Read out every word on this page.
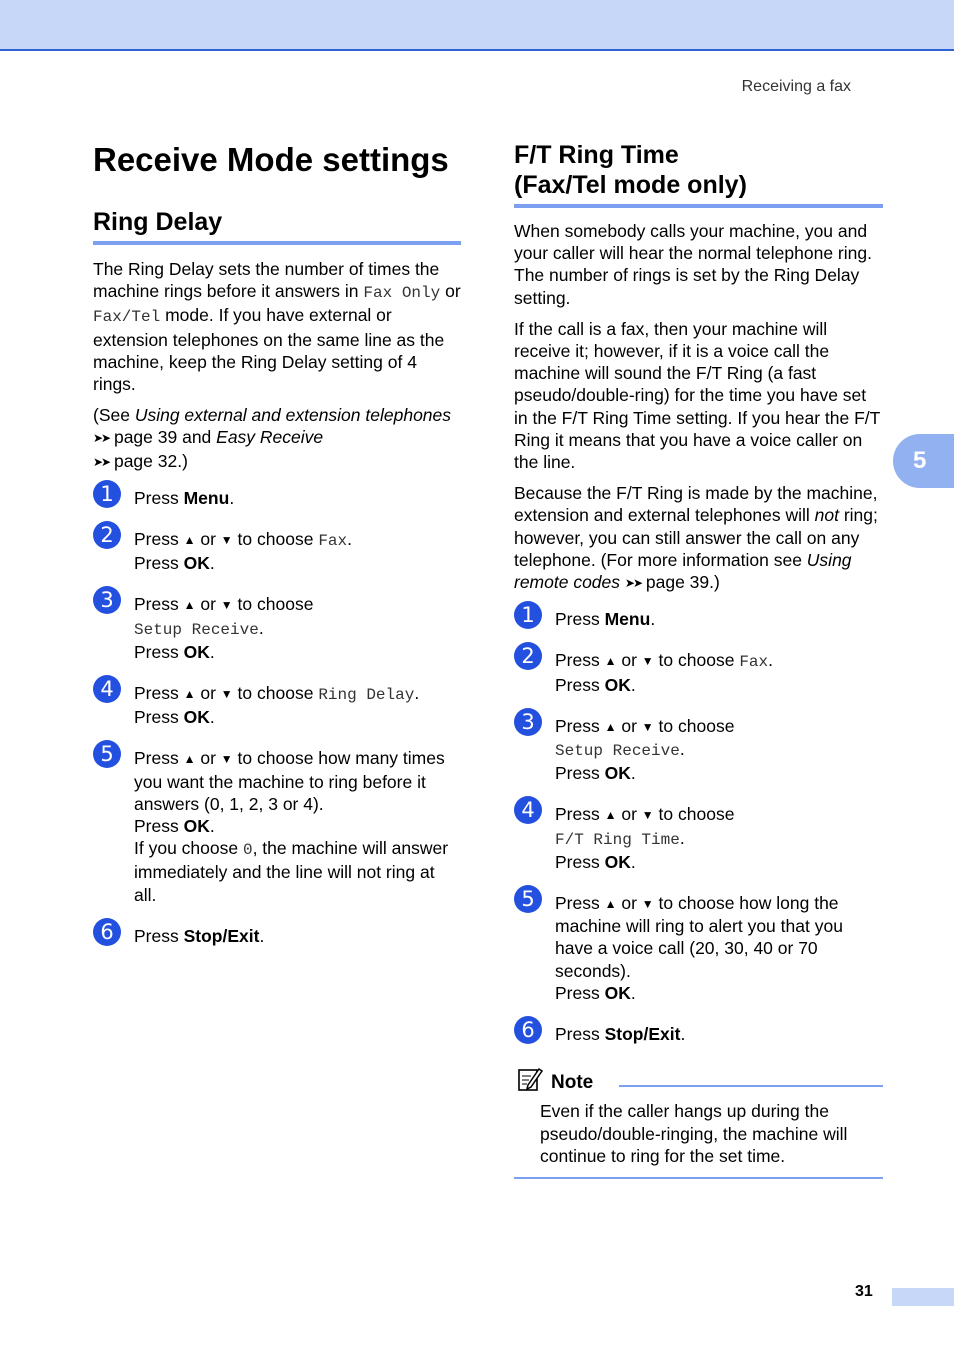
Receiving a fax
5
Receive Mode settings
Ring Delay

The Ring Delay sets the number of times the machine rings before it answers in Fax Only or Fax/Tel mode. If you have external or extension telephones on the same line as the machine, keep the Ring Delay setting of 4 rings.

(See Using external and extension telephones ➤➤ page 39 and Easy Receive
➤➤ page 32.)

1	Press Menu.
2	Press ▲ or ▼ to choose Fax.
Press OK.
3	Press ▲ or ▼ to choose
Setup Receive.
Press OK.
4	Press ▲ or ▼ to choose Ring Delay.
Press OK.
5	Press ▲ or ▼ to choose how many times you want the machine to ring before it answers (0, 1, 2, 3 or 4).
Press OK.
If you choose 0, the machine will answer immediately and the line will not ring at all.
6	Press Stop/Exit.
F/T Ring Time
(Fax/Tel mode only)

When somebody calls your machine, you and your caller will hear the normal telephone ring. The number of rings is set by the Ring Delay setting.

If the call is a fax, then your machine will receive it; however, if it is a voice call the machine will sound the F/T Ring (a fast pseudo/double-ring) for the time you have set in the F/T Ring Time setting. If you hear the F/T Ring it means that you have a voice caller on the line.

Because the F/T Ring is made by the machine, extension and external telephones will not ring; however, you can still answer the call on any telephone. (For more information see Using remote codes ➤➤ page 39.)

1	Press Menu.
2	Press ▲ or ▼ to choose Fax.
Press OK.
3	Press ▲ or ▼ to choose
Setup Receive.
Press OK.
4	Press ▲ or ▼ to choose
F/T Ring Time.
Press OK.
5	Press ▲ or ▼ to choose how long the machine will ring to alert you that you have a voice call (20, 30, 40 or 70 seconds).
Press OK.
6	Press Stop/Exit.
Note
Even if the caller hangs up during the pseudo/double-ringing, the machine will continue to ring for the set time.
31
